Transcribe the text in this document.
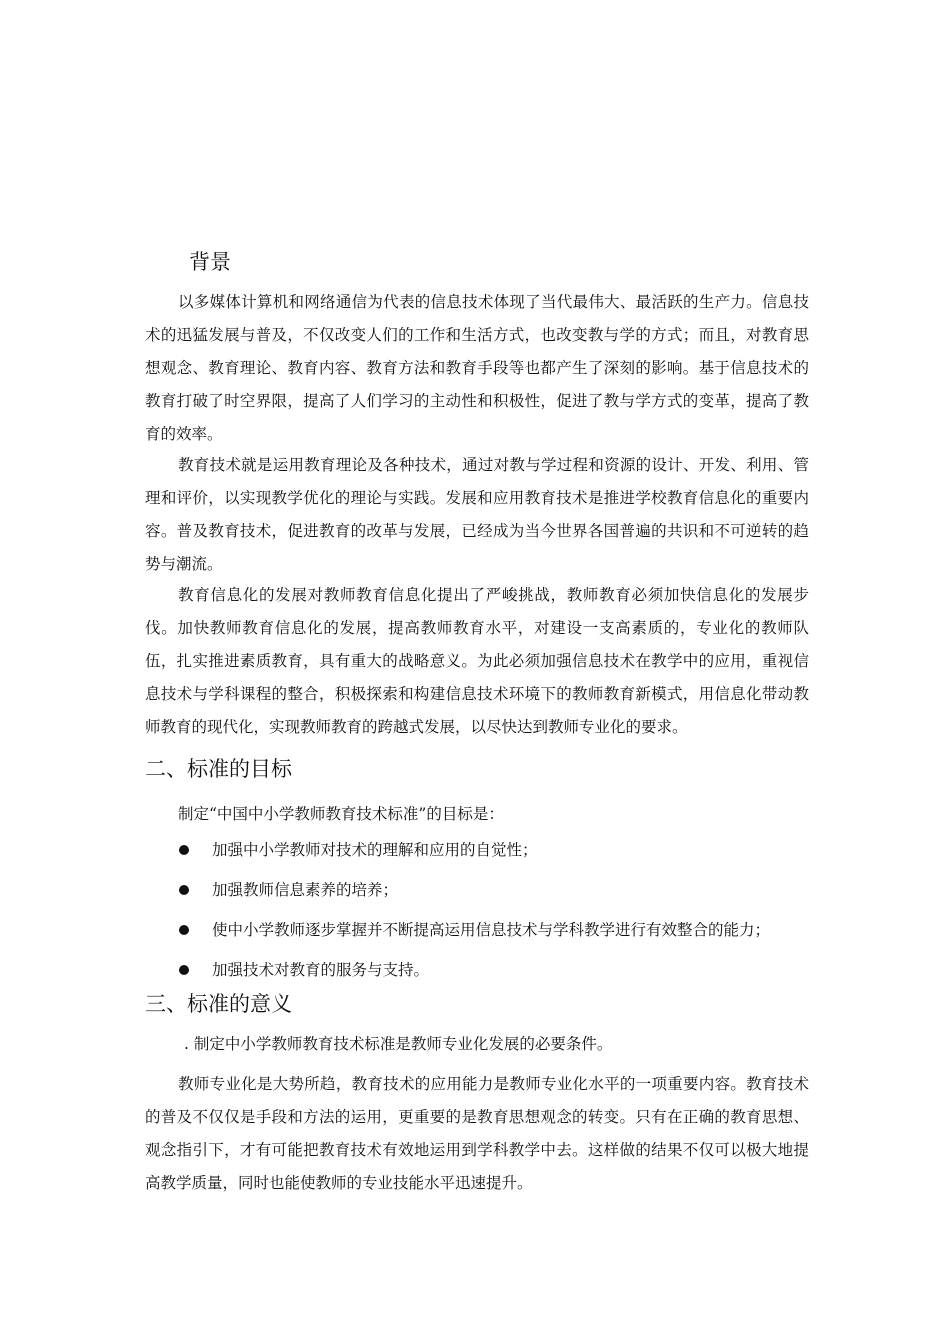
背景

以多媒体计算机和网络通信为代表的信息技术体现了当代最伟大、最活跃的生产力。信息技术的迅猛发展与普及，不仅改变人们的工作和生活方式，也改变教与学的方式；而且，对教育思想观念、教育理论、教育内容、教育方法和教育手段等也都产生了深刻的影响。基于信息技术的教育打破了时空界限，提高了人们学习的主动性和积极性，促进了教与学方式的变革，提高了教育的效率。

教育技术就是运用教育理论及各种技术，通过对教与学过程和资源的设计、开发、利用、管理和评价，以实现教学优化的理论与实践。发展和应用教育技术是推进学校教育信息化的重要内容。普及教育技术，促进教育的改革与发展，已经成为当今世界各国普遍的共识和不可逆转的趋势与潮流。

教育信息化的发展对教师教育信息化提出了严峻挑战，教师教育必须加快信息化的发展步伐。加快教师教育信息化的发展，提高教师教育水平，对建设一支高素质的，专业化的教师队伍，扎实推进素质教育，具有重大的战略意义。为此必须加强信息技术在教学中的应用，重视信息技术与学科课程的整合，积极探索和构建信息技术环境下的教师教育新模式，用信息化带动教师教育的现代化，实现教师教育的跨越式发展，以尽快达到教师专业化的要求。

二、标准的目标
制定“中国中小学教师教育技术标准”的目标是：
加强中小学教师对技术的理解和应用的自觉性；
加强教师信息素养的培养；
使中小学教师逐步掌握并不断提高运用信息技术与学科教学进行有效整合的能力；
加强技术对教育的服务与支持。
三、标准的意义
. 制定中小学教师教育技术标准是教师专业化发展的必要条件。

教师专业化是大势所趋，教育技术的应用能力是教师专业化水平的一项重要内容。教育技术的普及不仅仅是手段和方法的运用，更重要的是教育思想观念的转变。只有在正确的教育思想、观念指引下，才有可能把教育技术有效地运用到学科教学中去。这样做的结果不仅可以极大地提高教学质量，同时也能使教师的专业技能水平迅速提升。
